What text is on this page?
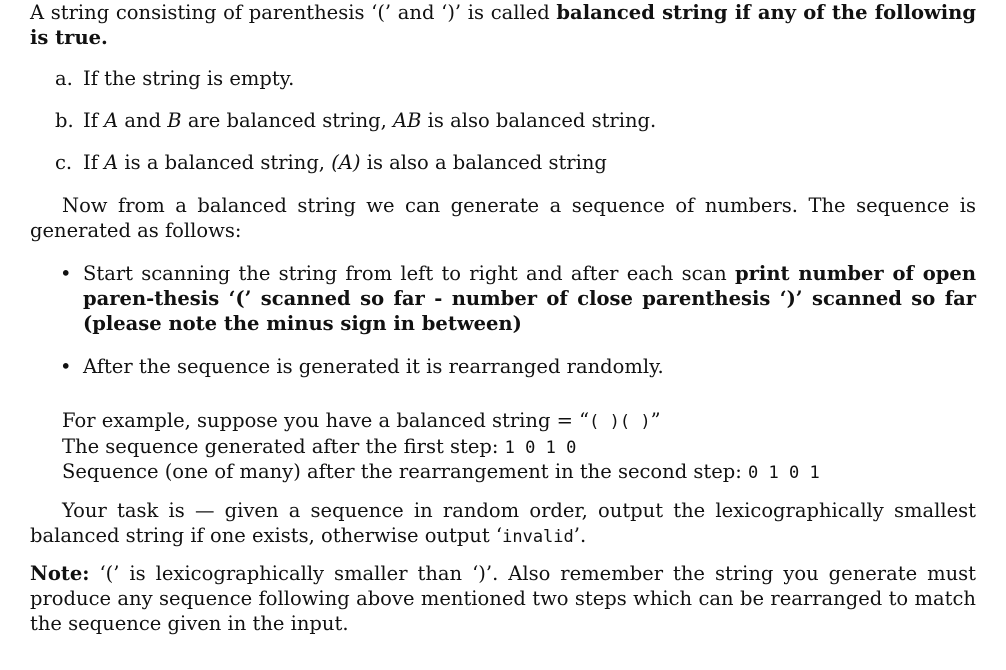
A string consisting of parenthesis ‘(’ and ‘)’ is called balanced string if any of the following is true.
a. If the string is empty.
b. If A and B are balanced string, AB is also balanced string.
c. If A is a balanced string, (A) is also a balanced string
Now from a balanced string we can generate a sequence of numbers. The sequence is generated as follows:
• Start scanning the string from left to right and after each scan print number of open paren-thesis ‘(’ scanned so far - number of close parenthesis ‘)’ scanned so far (please note the minus sign in between)
• After the sequence is generated it is rearranged randomly.
For example, suppose you have a balanced string = “( )( )”
The sequence generated after the first step: 1 0 1 0
Sequence (one of many) after the rearrangement in the second step: 0 1 0 1
Your task is — given a sequence in random order, output the lexicographically smallest balanced string if one exists, otherwise output ‘invalid’.
Note: ‘(’ is lexicographically smaller than ‘)’. Also remember the string you generate must produce any sequence following above mentioned two steps which can be rearranged to match the sequence given in the input.
